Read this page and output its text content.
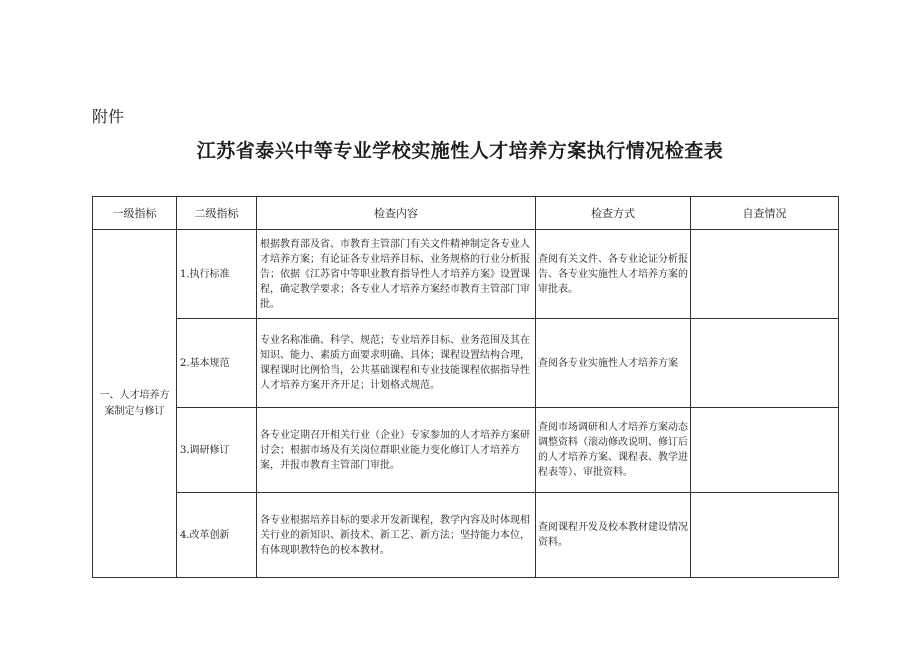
附件
江苏省泰兴中等专业学校实施性人才培养方案执行情况检查表
一级指标	二级指标	检查内容	检查方式	自查情况
一、人才培养方案制定与修订	1.执行标准	根据教育部及省、市教育主管部门有关文件精神制定各专业人才培养方案；有论证各专业培养目标、业务规格的行业分析报告；依据《江苏省中等职业教育指导性人才培养方案》设置课程，确定教学要求；各专业人才培养方案经市教育主管部门审批。	查阅有关文件、各专业论证分析报告、各专业实施性人才培养方案的审批表。	
	2.基本规范	专业名称准确、科学、规范；专业培养目标、业务范围及其在知识、能力、素质方面要求明确、具体；课程设置结构合理，课程课时比例恰当，公共基础课程和专业技能课程依据指导性人才培养方案开齐开足；计划格式规范。	查阅各专业实施性人才培养方案	
	3.调研修订	各专业定期召开相关行业（企业）专家参加的人才培养方案研讨会；根据市场及有关岗位群职业能力变化修订人才培养方案，并报市教育主管部门审批。	查阅市场调研和人才培养方案动态调整资料（滚动修改说明、修订后的人才培养方案、课程表、教学进程表等）、审批资料。	
	4.改革创新	各专业根据培养目标的要求开发新课程，教学内容及时体现相关行业的新知识、新技术、新工艺、新方法；坚持能力本位，有体现职教特色的校本教材。	查阅课程开发及校本教材建设情况资料。	
